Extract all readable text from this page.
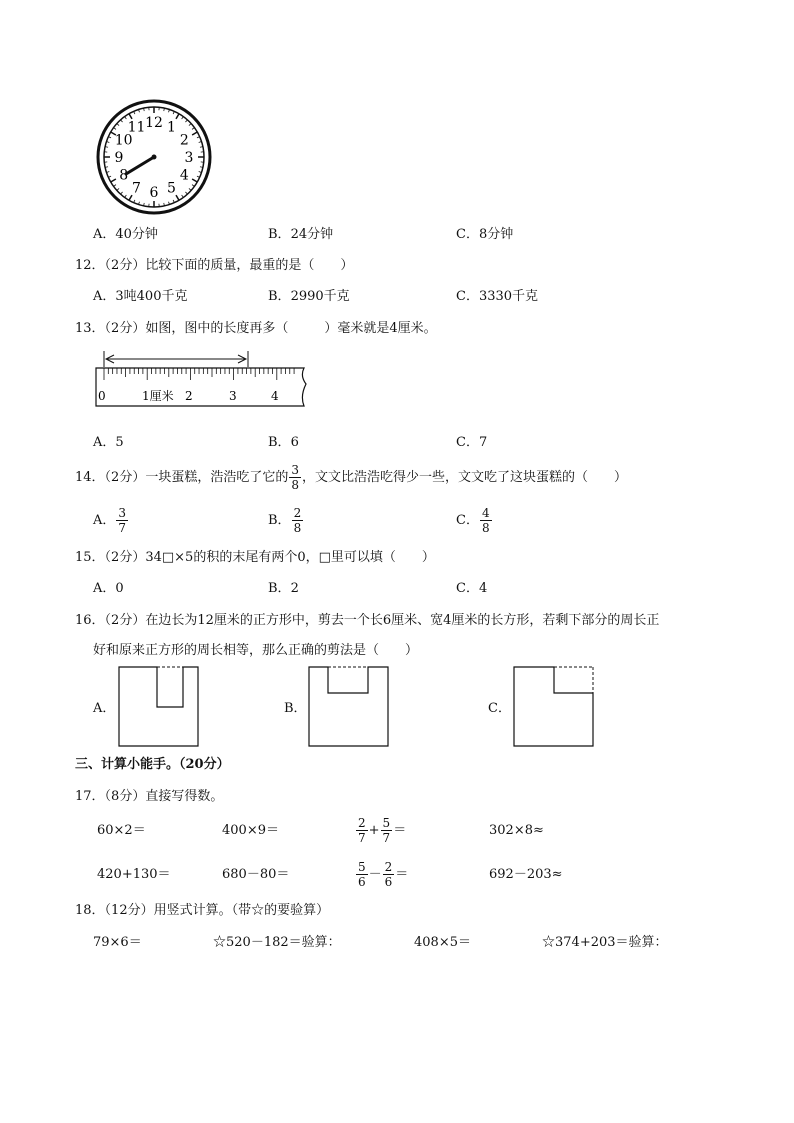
12 1
2
3
4
5
6
7
8
9
10
11
A．40分钟	B．24分钟	C．8分钟
12．（2分）比较下面的质量，最重的是（　　）
A．3吨400千克	B．2990千克	C．3330千克
13．（2分）如图，图中的长度再多（	）毫米就是4厘米。
0	1厘米 2	3	4
A．5	B．6	C．7
14．（2分）一块蛋糕，浩浩吃了它的 $\frac{3}{8}$ ，文文比浩浩吃得少一些，文文吃了这块蛋糕的（　　）
A． $\frac{3}{7}$	B． $\frac{2}{8}$	C． $\frac{4}{8}$
15．（2分）34□×5的积的末尾有两个0，□里可以填（　　）
A．0	B．2	C．4
16．（2分）在边长为12厘米的正方形中，剪去一个长6厘米、宽4厘米的长方形，若剩下部分的周长正
好和原来正方形的周长相等，那么正确的剪法是（　　）
A．	B．	C．
三、计算小能手。（20分）
17．（8分）直接写得数。
60×2＝	400×9＝	$\frac{2}{7} + \frac{5}{7}$ ＝	302×8≈
420+130＝	680－80＝	$\frac{5}{6} - \frac{2}{6}$ ＝	692－203≈
18．（12分）用竖式计算。（带☆的要验算）
79×6＝	☆520－182＝验算：	408×5＝	☆374+203＝验算：
